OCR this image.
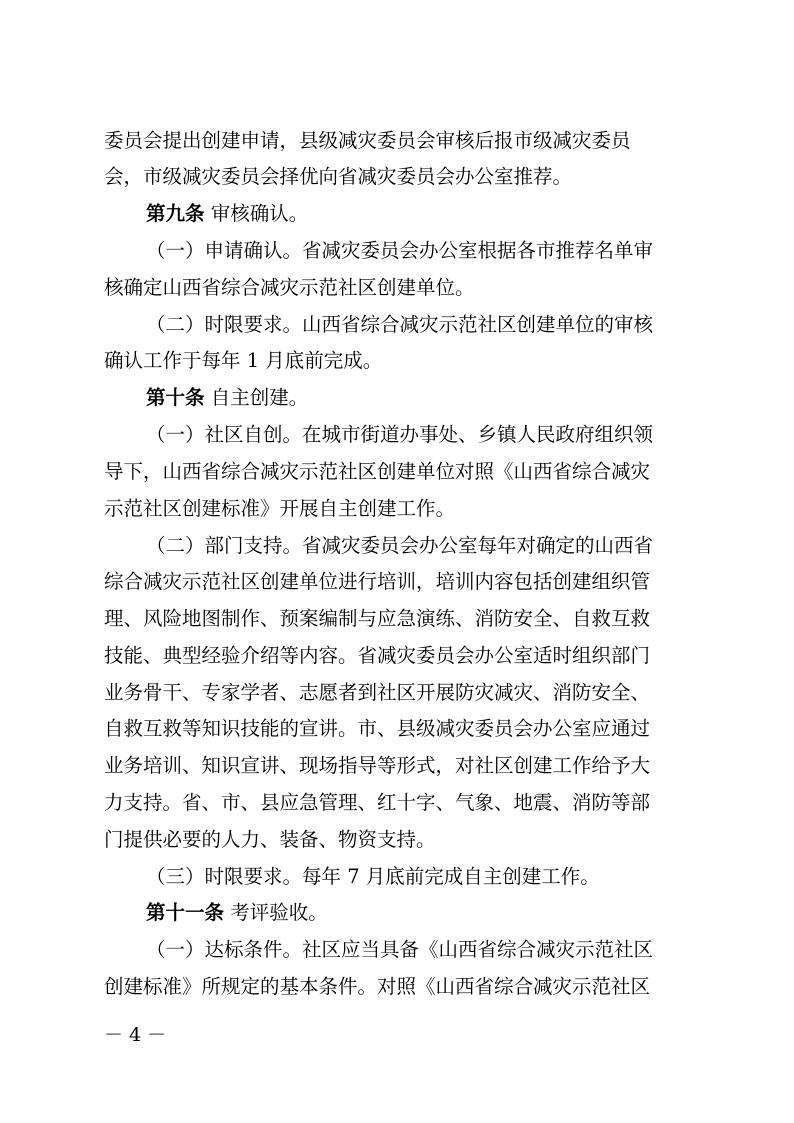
委员会提出创建申请，县级减灾委员会审核后报市级减灾委员
会，市级减灾委员会择优向省减灾委员会办公室推荐。
第九条 审核确认。
（一）申请确认。省减灾委员会办公室根据各市推荐名单审
核确定山西省综合减灾示范社区创建单位。
（二）时限要求。山西省综合减灾示范社区创建单位的审核
确认工作于每年 1 月底前完成。
第十条 自主创建。
（一）社区自创。在城市街道办事处、乡镇人民政府组织领
导下，山西省综合减灾示范社区创建单位对照《山西省综合减灾
示范社区创建标准》开展自主创建工作。
（二）部门支持。省减灾委员会办公室每年对确定的山西省
综合减灾示范社区创建单位进行培训，培训内容包括创建组织管
理、风险地图制作、预案编制与应急演练、消防安全、自救互救
技能、典型经验介绍等内容。省减灾委员会办公室适时组织部门
业务骨干、专家学者、志愿者到社区开展防灾减灾、消防安全、
自救互救等知识技能的宣讲。市、县级减灾委员会办公室应通过
业务培训、知识宣讲、现场指导等形式，对社区创建工作给予大
力支持。省、市、县应急管理、红十字、气象、地震、消防等部
门提供必要的人力、装备、物资支持。
（三）时限要求。每年 7 月底前完成自主创建工作。
第十一条 考评验收。
（一）达标条件。社区应当具备《山西省综合减灾示范社区
创建标准》所规定的基本条件。对照《山西省综合减灾示范社区
－ 4 －
